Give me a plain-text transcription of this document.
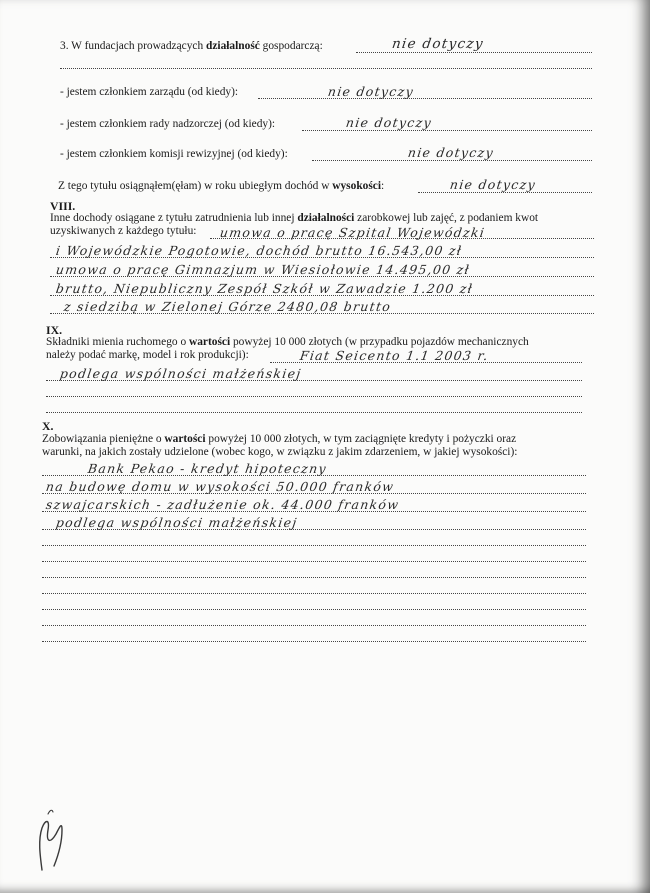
3. W fundacjach prowadzących działalność gospodarczą:	nie dotyczy
- jestem członkiem zarządu (od kiedy):	nie dotyczy
- jestem członkiem rady nadzorczej (od kiedy):	nie dotyczy
- jestem członkiem komisji rewizyjnej (od kiedy):	nie dotyczy
Z tego tytułu osiągnąłem(ęłam) w roku ubiegłym dochód w wysokości:	nie dotyczy
VIII.
Inne dochody osiągane z tytułu zatrudnienia lub innej działalności zarobkowej lub zajęć, z podaniem kwot
uzyskiwanych z każdego tytułu: umowa o pracę Szpital Wojewódzki
i Wojewódzkie Pogotowie, dochód brutto 16.543,00 zł
umowa o pracę Gimnazjum w Wiesiołowie 14.495,00 zł
brutto, Niepubliczny Zespół Szkół w Zawadzie 1.200 zł
z siedzibą w Zielonej Górze 2480,08 brutto
IX.
Składniki mienia ruchomego o wartości powyżej 10 000 złotych (w przypadku pojazdów mechanicznych
należy podać markę, model i rok produkcji):	Fiat Seicento 1.1 2003 r.
podlega wspólności małżeńskiej
X.
Zobowiązania pieniężne o wartości powyżej 10 000 złotych, w tym zaciągnięte kredyty i pożyczki oraz
warunki, na jakich zostały udzielone (wobec kogo, w związku z jakim zdarzeniem, w jakiej wysokości):
Bank Pekao - kredyt hipoteczny
na budowę domu w wysokości 50.000 franków
szwajcarskich - zadłużenie ok. 44.000 franków
podlega wspólności małżeńskiej
